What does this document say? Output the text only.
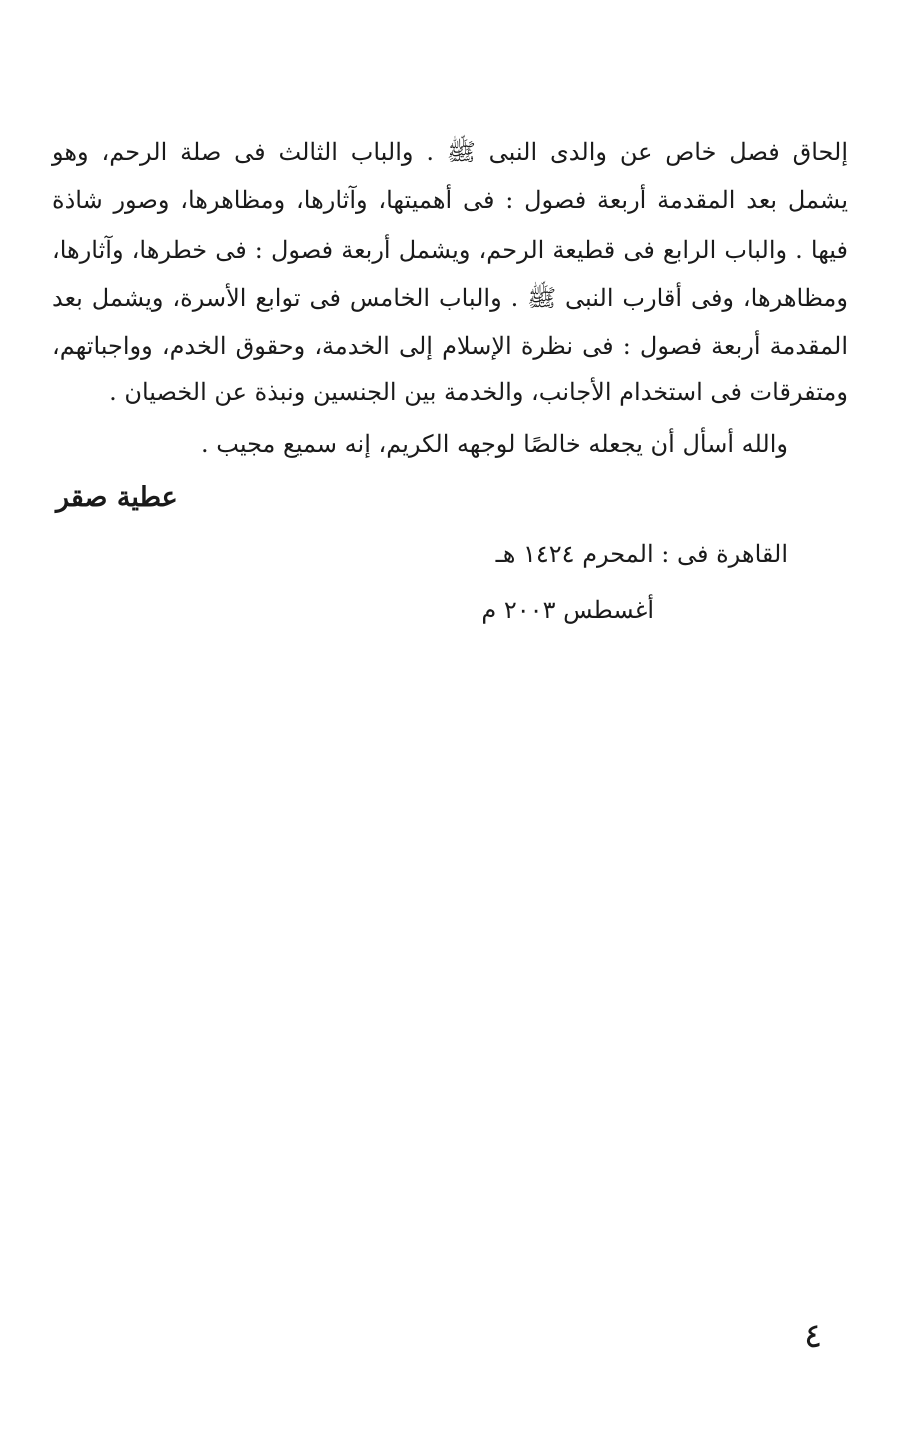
إلحاق فصل خاص عن والدى النبى ﷺ . والباب الثالث فى صلة الرحم، وهو
يشمل بعد المقدمة أربعة فصول : فى أهميتها، وآثارها، ومظاهرها، وصور شاذة
فيها . والباب الرابع فى قطيعة الرحم، ويشمل أربعة فصول : فى خطرها، وآثارها،
ومظاهرها، وفى أقارب النبى ﷺ . والباب الخامس فى توابع الأسرة، ويشمل بعد
المقدمة أربعة فصول : فى نظرة الإسلام إلى الخدمة، وحقوق الخدم، وواجباتهم،
ومتفرقات فى استخدام الأجانب، والخدمة بين الجنسين ونبذة عن الخصيان .
والله أسأل أن يجعله خالصًا لوجهه الكريم، إنه سميع مجيب .
عطية صقر
القاهرة فى : المحرم ١٤٢٤ هـ
أغسطس ٢٠٠٣ م
٤
